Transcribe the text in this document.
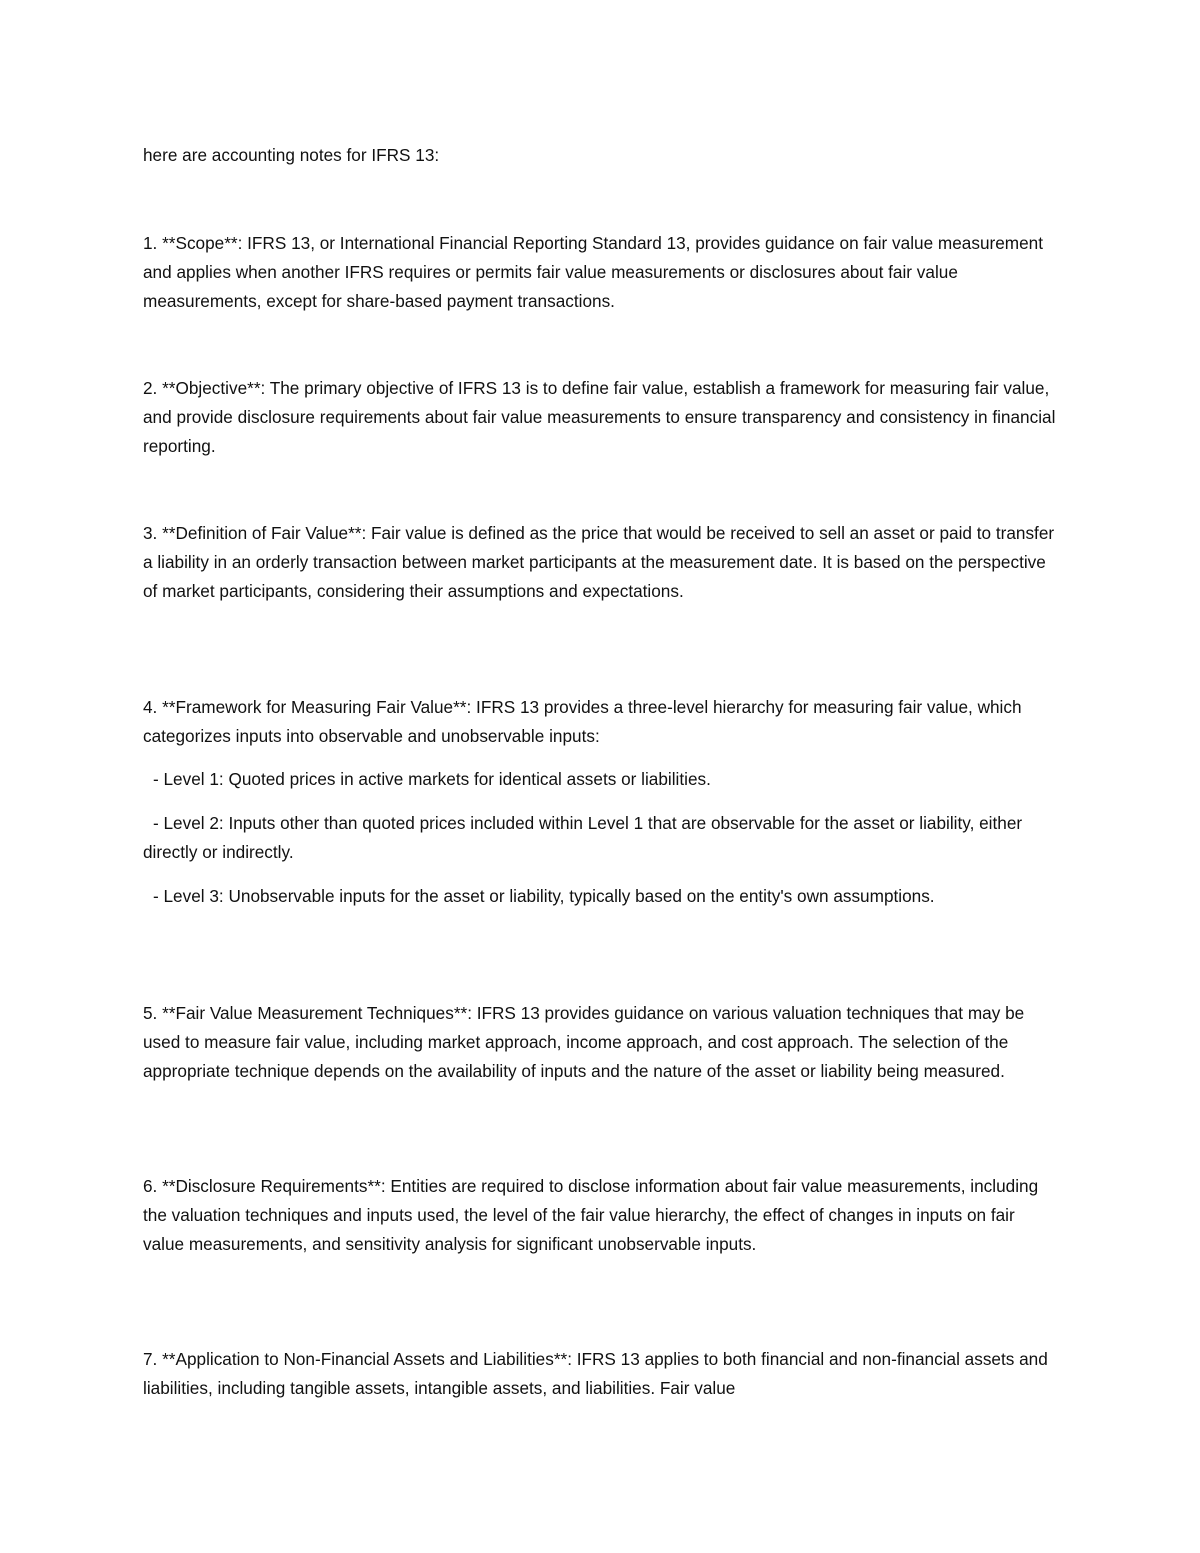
here are accounting notes for IFRS 13:

1. **Scope**: IFRS 13, or International Financial Reporting Standard 13, provides guidance on fair value measurement and applies when another IFRS requires or permits fair value measurements or disclosures about fair value measurements, except for share-based payment transactions.

2. **Objective**: The primary objective of IFRS 13 is to define fair value, establish a framework for measuring fair value, and provide disclosure requirements about fair value measurements to ensure transparency and consistency in financial reporting.

3. **Definition of Fair Value**: Fair value is defined as the price that would be received to sell an asset or paid to transfer a liability in an orderly transaction between market participants at the measurement date. It is based on the perspective of market participants, considering their assumptions and expectations.

4. **Framework for Measuring Fair Value**: IFRS 13 provides a three-level hierarchy for measuring fair value, which categorizes inputs into observable and unobservable inputs:

- Level 1: Quoted prices in active markets for identical assets or liabilities.

- Level 2: Inputs other than quoted prices included within Level 1 that are observable for the asset or liability, either directly or indirectly.

- Level 3: Unobservable inputs for the asset or liability, typically based on the entity's own assumptions.

5. **Fair Value Measurement Techniques**: IFRS 13 provides guidance on various valuation techniques that may be used to measure fair value, including market approach, income approach, and cost approach. The selection of the appropriate technique depends on the availability of inputs and the nature of the asset or liability being measured.

6. **Disclosure Requirements**: Entities are required to disclose information about fair value measurements, including the valuation techniques and inputs used, the level of the fair value hierarchy, the effect of changes in inputs on fair value measurements, and sensitivity analysis for significant unobservable inputs.

7. **Application to Non-Financial Assets and Liabilities**: IFRS 13 applies to both financial and non-financial assets and liabilities, including tangible assets, intangible assets, and liabilities. Fair value
